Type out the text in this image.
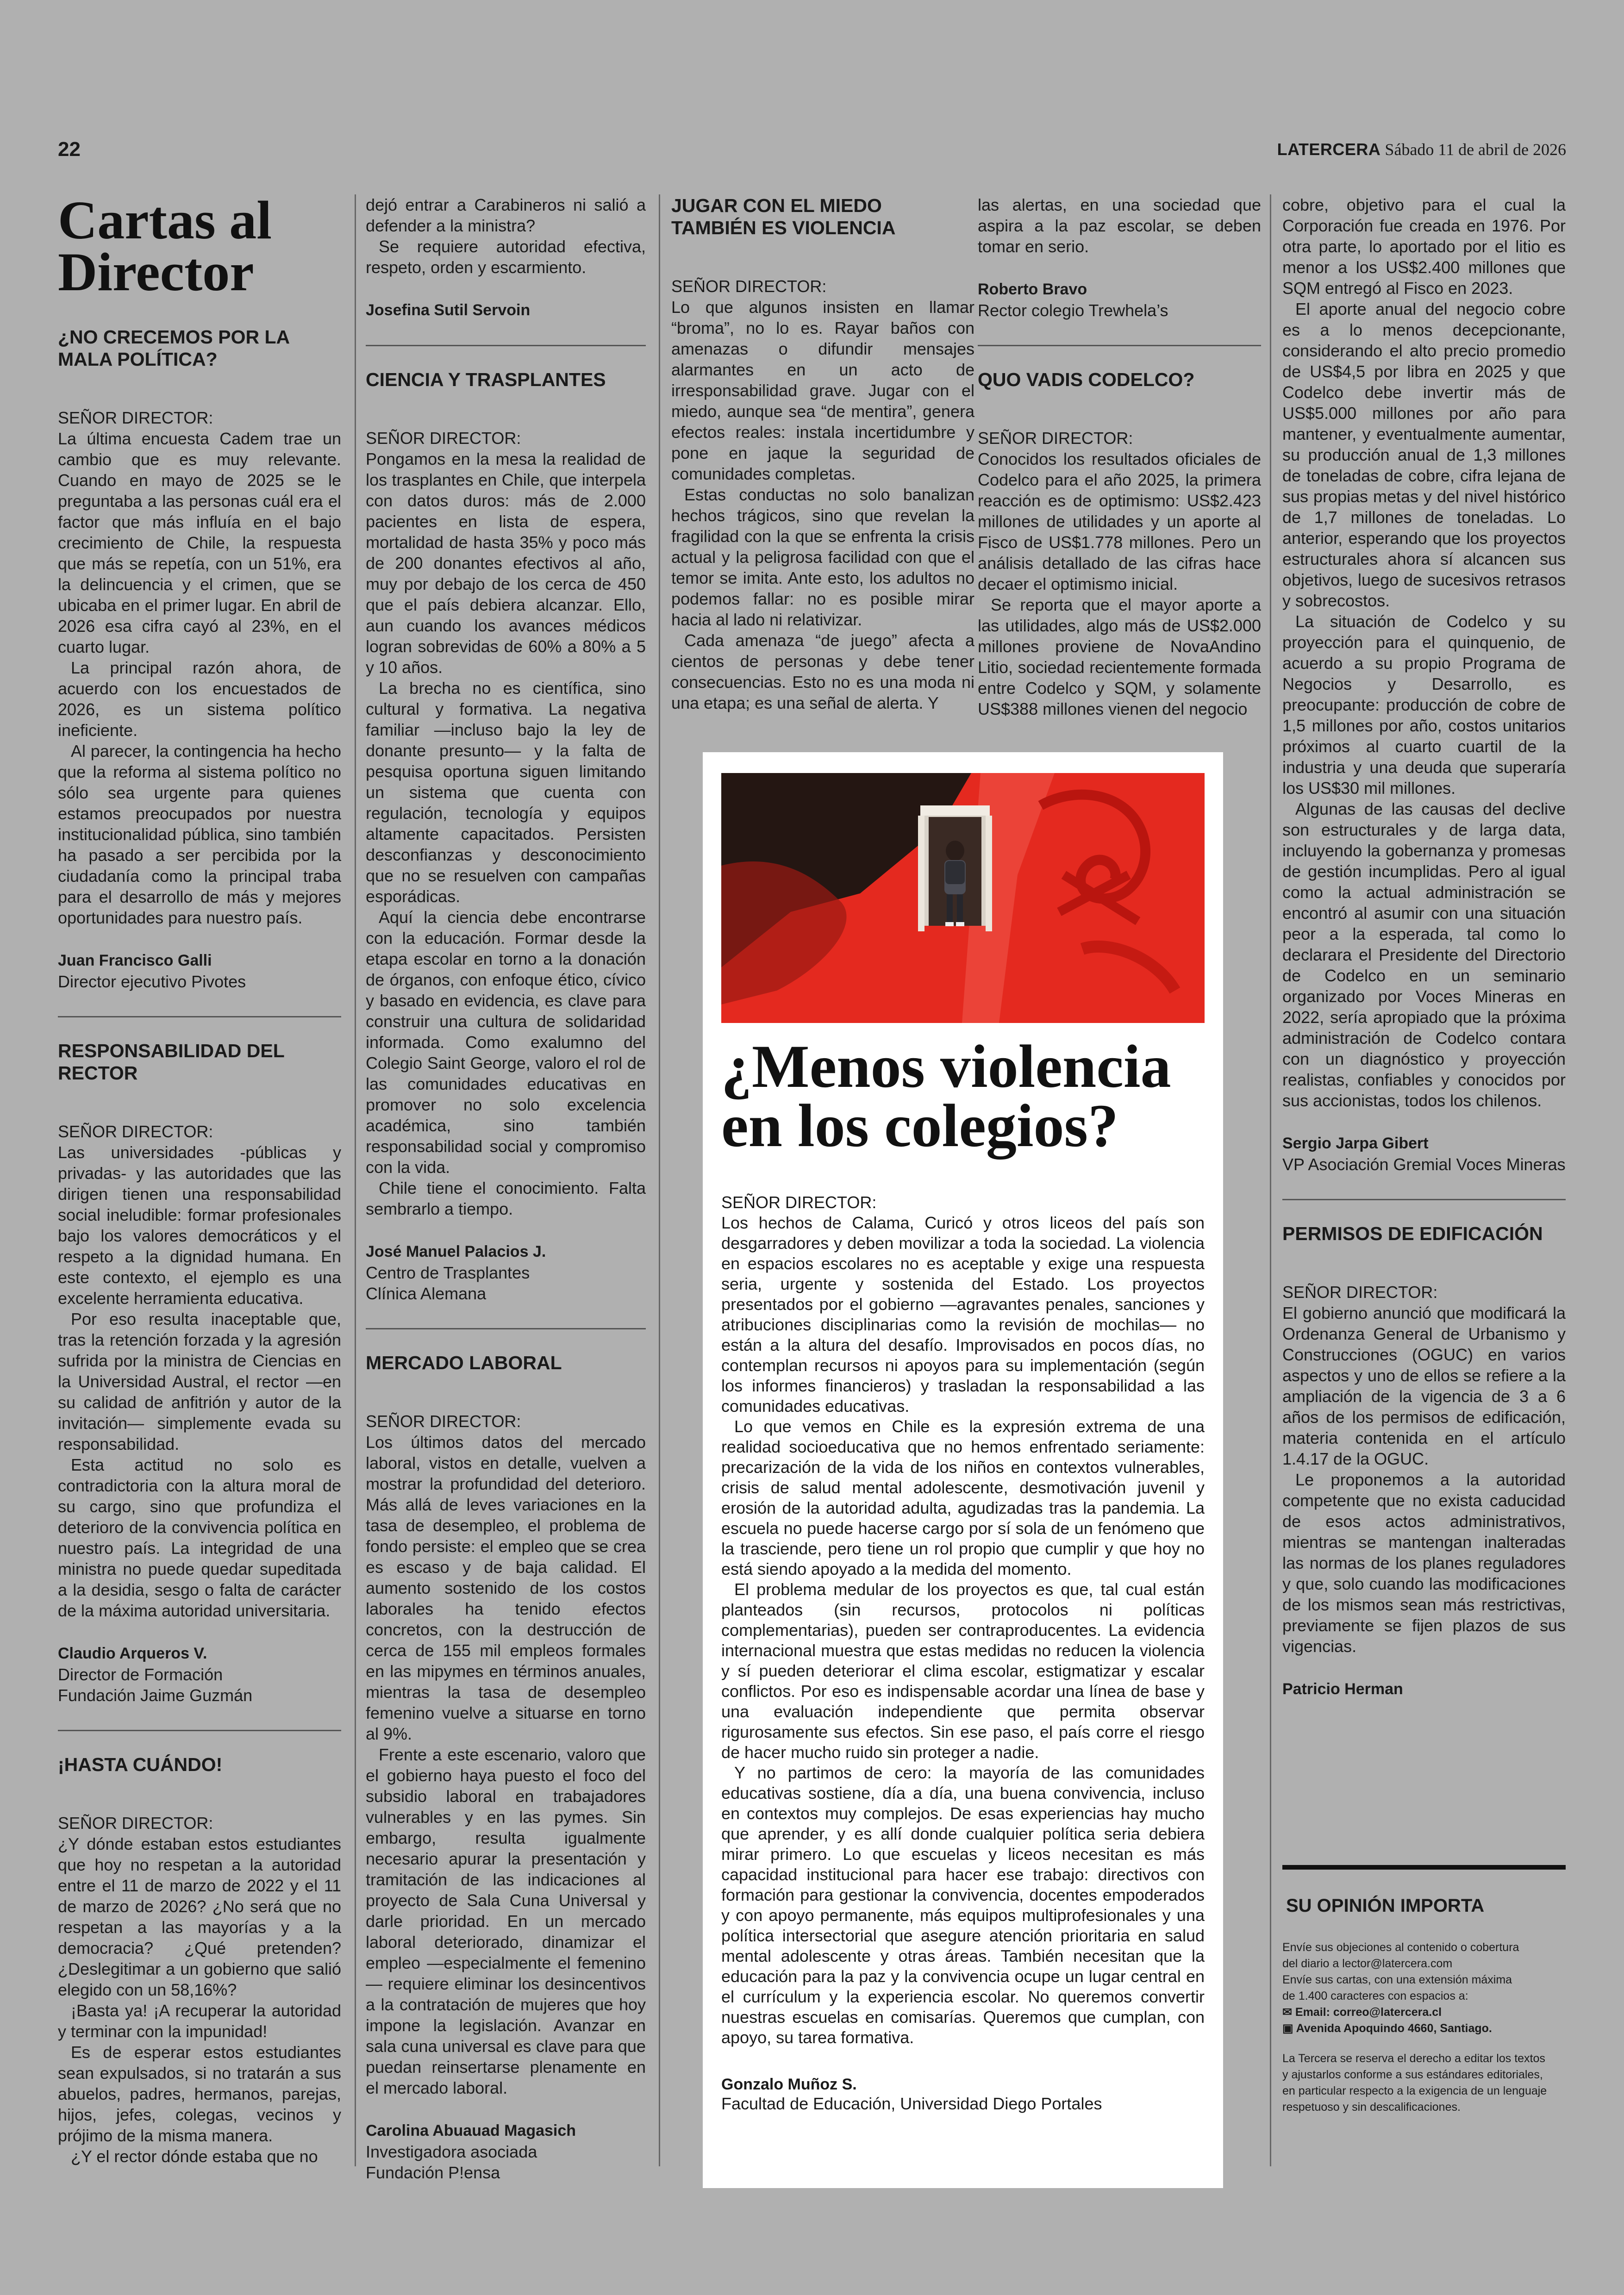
22	LATERCERA Sábado 11 de abril de 2026
Cartas al
Director
¿NO CRECEMOS POR LA
MALA POLÍTICA?

SEÑOR DIRECTOR:

La última encuesta Cadem trae un cambio que es muy relevante. Cuando en mayo de 2025 se le preguntaba a las personas cuál era el factor que más influía en el bajo crecimiento de Chile, la respuesta que más se repetía, con un 51%, era la delincuencia y el crimen, que se ubicaba en el primer lugar. En abril de 2026 esa cifra cayó al 23%, en el cuarto lugar.

La principal razón ahora, de acuerdo con los encuestados de 2026, es un sistema político ineficiente.

Al parecer, la contingencia ha hecho que la reforma al sistema político no sólo sea urgente para quienes estamos preocupados por nuestra institucionalidad pública, sino también ha pasado a ser percibida por la ciudadanía como la principal traba para el desarrollo de más y mejores oportunidades para nuestro país.

Juan Francisco Galli

Director ejecutivo Pivotes

RESPONSABILIDAD DEL
RECTOR

SEÑOR DIRECTOR:

Las universidades -públicas y privadas- y las autoridades que las dirigen tienen una responsabilidad social ineludible: formar profesionales bajo los valores democráticos y el respeto a la dignidad humana. En este contexto, el ejemplo es una excelente herramienta educativa.

Por eso resulta inaceptable que, tras la retención forzada y la agresión sufrida por la ministra de Ciencias en la Universidad Austral, el rector —en su calidad de anfitrión y autor de la invitación— simplemente evada su responsabilidad.

Esta actitud no solo es contradictoria con la altura moral de su cargo, sino que profundiza el deterioro de la convivencia política en nuestro país. La integridad de una ministra no puede quedar supeditada a la desidia, sesgo o falta de carácter de la máxima autoridad universitaria.

Claudio Arqueros V.

Director de Formación

Fundación Jaime Guzmán

¡HASTA CUÁNDO!

SEÑOR DIRECTOR:

¿Y dónde estaban estos estudiantes que hoy no respetan a la autoridad entre el 11 de marzo de 2022 y el 11 de marzo de 2026? ¿No será que no respetan a las mayorías y a la democracia? ¿Qué pretenden? ¿Deslegitimar a un gobierno que salió elegido con un 58,16%?

¡Basta ya! ¡A recuperar la autoridad y terminar con la impunidad!

Es de esperar estos estudiantes sean expulsados, si no tratarán a sus abuelos, padres, hermanos, parejas, hijos, jefes, colegas, vecinos y prójimo de la misma manera.

¿Y el rector dónde estaba que no

dejó entrar a Carabineros ni salió a defender a la ministra?

Se requiere autoridad efectiva, respeto, orden y escarmiento.

Josefina Sutil Servoin
CIENCIA Y TRASPLANTES

SEÑOR DIRECTOR:

Pongamos en la mesa la realidad de los trasplantes en Chile, que interpela con datos duros: más de 2.000 pacientes en lista de espera, mortalidad de hasta 35% y poco más de 200 donantes efectivos al año, muy por debajo de los cerca de 450 que el país debiera alcanzar. Ello, aun cuando los avances médicos logran sobrevidas de 60% a 80% a 5 y 10 años.

La brecha no es científica, sino cultural y formativa. La negativa familiar —incluso bajo la ley de donante presunto— y la falta de pesquisa oportuna siguen limitando un sistema que cuenta con regulación, tecnología y equipos altamente capacitados. Persisten desconfianzas y desconocimiento que no se resuelven con campañas esporádicas.

Aquí la ciencia debe encontrarse con la educación. Formar desde la etapa escolar en torno a la donación de órganos, con enfoque ético, cívico y basado en evidencia, es clave para construir una cultura de solidaridad informada. Como exalumno del Colegio Saint George, valoro el rol de las comunidades educativas en promover no solo excelencia académica, sino también responsabilidad social y compromiso con la vida.

Chile tiene el conocimiento. Falta sembrarlo a tiempo.

José Manuel Palacios J.

Centro de Trasplantes

Clínica Alemana

MERCADO LABORAL

SEÑOR DIRECTOR:

Los últimos datos del mercado laboral, vistos en detalle, vuelven a mostrar la profundidad del deterioro. Más allá de leves variaciones en la tasa de desempleo, el problema de fondo persiste: el empleo que se crea es escaso y de baja calidad. El aumento sostenido de los costos laborales ha tenido efectos concretos, con la destrucción de cerca de 155 mil empleos formales en las mipymes en términos anuales, mientras la tasa de desempleo femenino vuelve a situarse en torno al 9%.

Frente a este escenario, valoro que el gobierno haya puesto el foco del subsidio laboral en trabajadores vulnerables y en las pymes. Sin embargo, resulta igualmente necesario apurar la presentación y tramitación de las indicaciones al proyecto de Sala Cuna Universal y darle prioridad. En un mercado laboral deteriorado, dinamizar el empleo —especialmente el femenino— requiere eliminar los desincentivos a la contratación de mujeres que hoy impone la legislación. Avanzar en sala cuna universal es clave para que puedan reinsertarse plenamente en el mercado laboral.

Carolina Abuauad Magasich

Investigadora asociada

Fundación P!ensa

JUGAR CON EL MIEDO
TAMBIÉN ES VIOLENCIA

SEÑOR DIRECTOR:

Lo que algunos insisten en llamar “broma”, no lo es. Rayar baños con amenazas o difundir mensajes alarmantes en un acto de irresponsabilidad grave. Jugar con el miedo, aunque sea “de mentira”, genera efectos reales: instala incertidumbre y pone en jaque la seguridad de comunidades completas.

Estas conductas no solo banalizan hechos trágicos, sino que revelan la fragilidad con la que se enfrenta la crisis actual y la peligrosa facilidad con que el temor se imita. Ante esto, los adultos no podemos fallar: no es posible mirar hacia al lado ni relativizar.

Cada amenaza “de juego” afecta a cientos de personas y debe tener consecuencias. Esto no es una moda ni una etapa; es una señal de alerta. Y

las alertas, en una sociedad que aspira a la paz escolar, se deben tomar en serio.

Roberto Bravo

Rector colegio Trewhela’s

QUO VADIS CODELCO?

SEÑOR DIRECTOR:

Conocidos los resultados oficiales de Codelco para el año 2025, la primera reacción es de optimismo: US$2.423 millones de utilidades y un aporte al Fisco de US$1.778 millones. Pero un análisis detallado de las cifras hace decaer el optimismo inicial.

Se reporta que el mayor aporte a las utilidades, algo más de US$2.000 millones proviene de NovaAndino Litio, sociedad recientemente formada entre Codelco y SQM, y solamente US$388 millones vienen del negocio

cobre, objetivo para el cual la Corporación fue creada en 1976. Por otra parte, lo aportado por el litio es menor a los US$2.400 millones que SQM entregó al Fisco en 2023.

El aporte anual del negocio cobre es a lo menos decepcionante, considerando el alto precio promedio de US$4,5 por libra en 2025 y que Codelco debe invertir más de US$5.000 millones por año para mantener, y eventualmente aumentar, su producción anual de 1,3 millones de toneladas de cobre, cifra lejana de sus propias metas y del nivel histórico de 1,7 millones de toneladas. Lo anterior, esperando que los proyectos estructurales ahora sí alcancen sus objetivos, luego de sucesivos retrasos y sobrecostos.

La situación de Codelco y su proyección para el quinquenio, de acuerdo a su propio Programa de Negocios y Desarrollo, es preocupante: producción de cobre de 1,5 millones por año, costos unitarios próximos al cuarto cuartil de la industria y una deuda que superaría los US$30 mil millones.

Algunas de las causas del declive son estructurales y de larga data, incluyendo la gobernanza y promesas de gestión incumplidas. Pero al igual como la actual administración se encontró al asumir con una situación peor a la esperada, tal como lo declarara el Presidente del Directorio de Codelco en un seminario organizado por Voces Mineras en 2022, sería apropiado que la próxima administración de Codelco contara con un diagnóstico y proyección realistas, confiables y conocidos por sus accionistas, todos los chilenos.

Sergio Jarpa Gibert

VP Asociación Gremial Voces Mineras

PERMISOS DE EDIFICACIÓN

SEÑOR DIRECTOR:

El gobierno anunció que modificará la Ordenanza General de Urbanismo y Construcciones (OGUC) en varios aspectos y uno de ellos se refiere a la ampliación de la vigencia de 3 a 6 años de los permisos de edificación, materia contenida en el artículo 1.4.17 de la OGUC.

Le proponemos a la autoridad competente que no exista caducidad de esos actos administrativos, mientras se mantengan inalteradas las normas de los planes reguladores y que, solo cuando las modificaciones de los mismos sean más restrictivas, previamente se fijen plazos de sus vigencias.

Patricio Herman
¿Menos violencia
en los colegios?

SEÑOR DIRECTOR:

Los hechos de Calama, Curicó y otros liceos del país son desgarradores y deben movilizar a toda la sociedad. La violencia en espacios escolares no es aceptable y exige una respuesta seria, urgente y sostenida del Estado. Los proyectos presentados por el gobierno —agravantes penales, sanciones y atribuciones disciplinarias como la revisión de mochilas— no están a la altura del desafío. Improvisados en pocos días, no contemplan recursos ni apoyos para su implementación (según los informes financieros) y trasladan la responsabilidad a las comunidades educativas.

Lo que vemos en Chile es la expresión extrema de una realidad socioeducativa que no hemos enfrentado seriamente: precarización de la vida de los niños en contextos vulnerables, crisis de salud mental adolescente, desmotivación juvenil y erosión de la autoridad adulta, agudizadas tras la pandemia. La escuela no puede hacerse cargo por sí sola de un fenómeno que la trasciende, pero tiene un rol propio que cumplir y que hoy no está siendo apoyado a la medida del momento.

El problema medular de los proyectos es que, tal cual están planteados (sin recursos, protocolos ni políticas complementarias), pueden ser contraproducentes. La evidencia internacional muestra que estas medidas no reducen la violencia y sí pueden deteriorar el clima escolar, estigmatizar y escalar conflictos. Por eso es indispensable acordar una línea de base y una evaluación independiente que permita observar rigurosamente sus efectos. Sin ese paso, el país corre el riesgo de hacer mucho ruido sin proteger a nadie.

Y no partimos de cero: la mayoría de las comunidades educativas sostiene, día a día, una buena convivencia, incluso en contextos muy complejos. De esas experiencias hay mucho que aprender, y es allí donde cualquier política seria debiera mirar primero. Lo que escuelas y liceos necesitan es más capacidad institucional para hacer ese trabajo: directivos con formación para gestionar la convivencia, docentes empoderados y con apoyo permanente, más equipos multiprofesionales y una política intersectorial que asegure atención prioritaria en salud mental adolescente y otras áreas. También necesitan que la educación para la paz y la convivencia ocupe un lugar central en el currículum y la experiencia escolar. No queremos convertir nuestras escuelas en comisarías. Queremos que cumplan, con apoyo, su tarea formativa.

Gonzalo Muñoz S.

Facultad de Educación, Universidad Diego Portales

SU OPINIÓN IMPORTA

Envíe sus objeciones al contenido o cobertura

del diario a lector@latercera.com

Envíe sus cartas, con una extensión máxima

de 1.400 caracteres con espacios a:

✉ Email: correo@latercera.cl

▣ Avenida Apoquindo 4660, Santiago.

La Tercera se reserva el derecho a editar los textos

y ajustarlos conforme a sus estándares editoriales,

en particular respecto a la exigencia de un lenguaje

respetuoso y sin descalificaciones.
